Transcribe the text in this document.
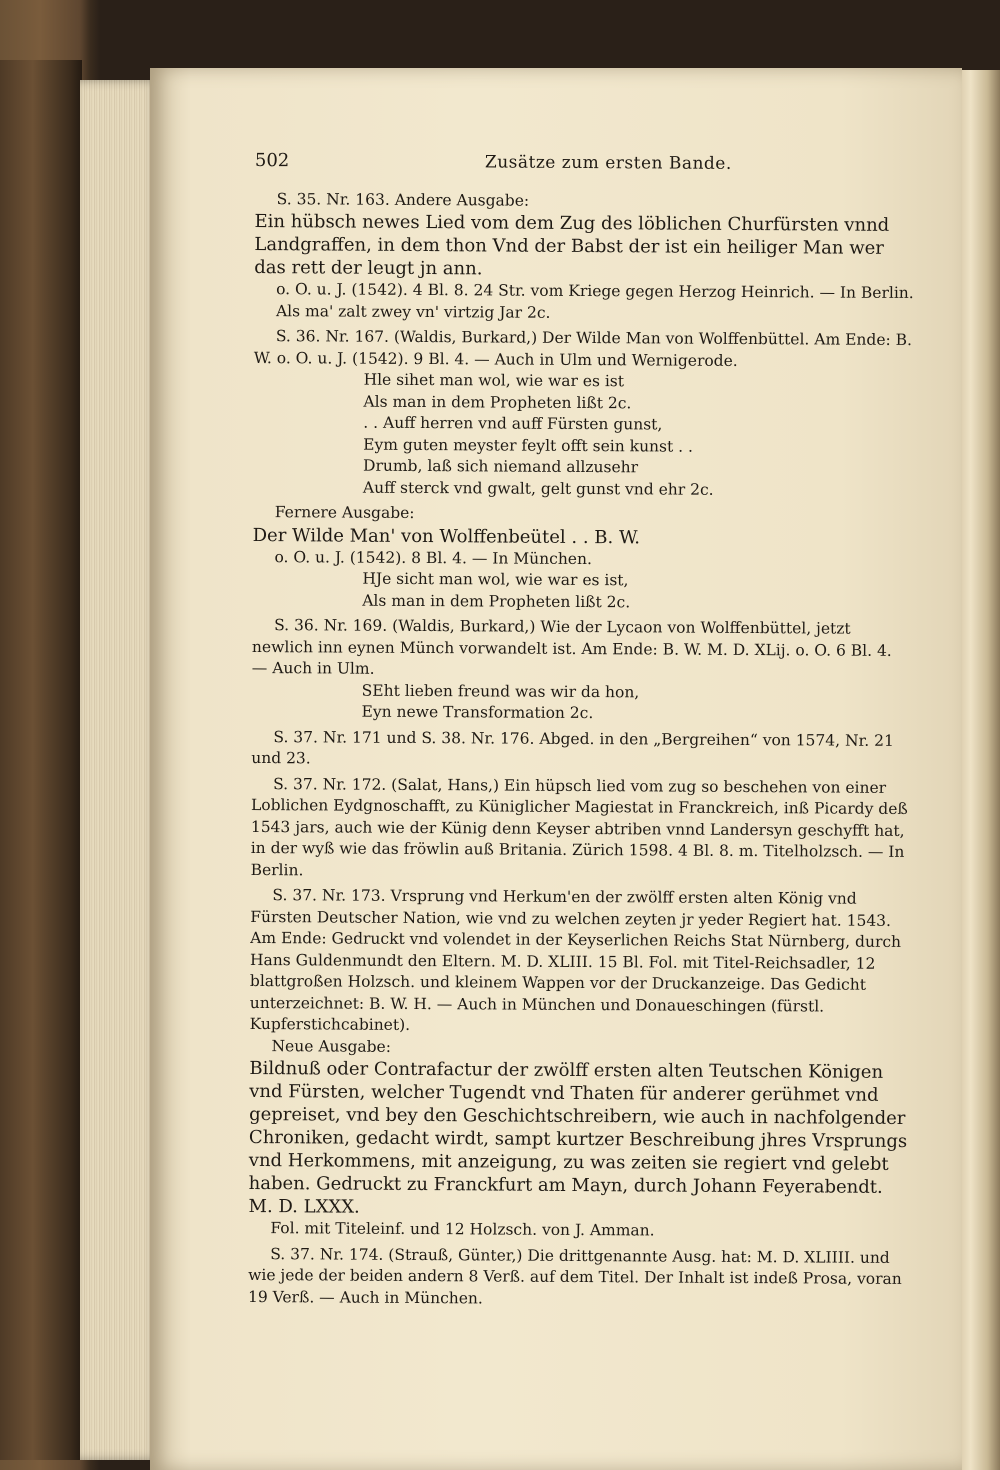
502	Zusätze zum ersten Bande.

S. 35. Nr. 163. Andere Ausgabe:

Ein hübsch newes Lied vom dem Zug des löblichen Churfürsten vnnd Landgraffen, in dem thon Vnd der Babst der ist ein heiliger Man wer das rett der leugt jn ann.

o. O. u. J. (1542). 4 Bl. 8. 24 Str. vom Kriege gegen Herzog Heinrich. — In Berlin.

Als ma' zalt zwey vn' virtzig Jar 2c.

S. 36. Nr. 167. (Waldis, Burkard,) Der Wilde Man von Wolffenbüttel. Am Ende: B. W. o. O. u. J. (1542). 9 Bl. 4. — Auch in Ulm und Wernigerode.

Hle sihet man wol, wie war es ist

Als man in dem Propheten lißt 2c.

. . Auff herren vnd auff Fürsten gunst,

Eym guten meyster feylt offt sein kunst . .

Drumb, laß sich niemand allzusehr

Auff sterck vnd gwalt, gelt gunst vnd ehr 2c.

Fernere Ausgabe:

Der Wilde Man' von Wolffenbeütel . . B. W.

o. O. u. J. (1542). 8 Bl. 4. — In München.

HJe sicht man wol, wie war es ist,

Als man in dem Propheten lißt 2c.

S. 36. Nr. 169. (Waldis, Burkard,) Wie der Lycaon von Wolffenbüttel, jetzt newlich inn eynen Münch vorwandelt ist. Am Ende: B. W. M. D. XLij. o. O. 6 Bl. 4. — Auch in Ulm.

SEht lieben freund was wir da hon,

Eyn newe Transformation 2c.

S. 37. Nr. 171 und S. 38. Nr. 176. Abged. in den „Bergreihen“ von 1574, Nr. 21 und 23.

S. 37. Nr. 172. (Salat, Hans,) Ein hüpsch lied vom zug so beschehen von einer Loblichen Eydgnoschafft, zu Küniglicher Magiestat in Franckreich, inß Picardy deß 1543 jars, auch wie der Künig denn Keyser abtriben vnnd Landersyn geschyfft hat, in der wyß wie das fröwlin auß Britania. Zürich 1598. 4 Bl. 8. m. Titelholzsch. — In Berlin.

S. 37. Nr. 173. Vrsprung vnd Herkum'en der zwölff ersten alten König vnd Fürsten Deutscher Nation, wie vnd zu welchen zeyten jr yeder Regiert hat. 1543. Am Ende: Gedruckt vnd volendet in der Keyserlichen Reichs Stat Nürnberg, durch Hans Guldenmundt den Eltern. M. D. XLIII. 15 Bl. Fol. mit Titel-Reichsadler, 12 blattgroßen Holzsch. und kleinem Wappen vor der Druckanzeige. Das Gedicht unterzeichnet: B. W. H. — Auch in München und Donaueschingen (fürstl. Kupferstichcabinet).

Neue Ausgabe:

Bildnuß oder Contrafactur der zwölff ersten alten Teutschen Königen vnd Fürsten, welcher Tugendt vnd Thaten für anderer gerühmet vnd gepreiset, vnd bey den Geschichtschreibern, wie auch in nachfolgender Chroniken, gedacht wirdt, sampt kurtzer Beschreibung jhres Vrsprungs vnd Herkommens, mit anzeigung, zu was zeiten sie regiert vnd gelebt haben. Gedruckt zu Franckfurt am Mayn, durch Johann Feyerabendt. M. D. LXXX.

Fol. mit Titeleinf. und 12 Holzsch. von J. Amman.

S. 37. Nr. 174. (Strauß, Günter,) Die drittgenannte Ausg. hat: M. D. XLIIII. und wie jede der beiden andern 8 Verß. auf dem Titel. Der Inhalt ist indeß Prosa, voran 19 Verß. — Auch in München.
